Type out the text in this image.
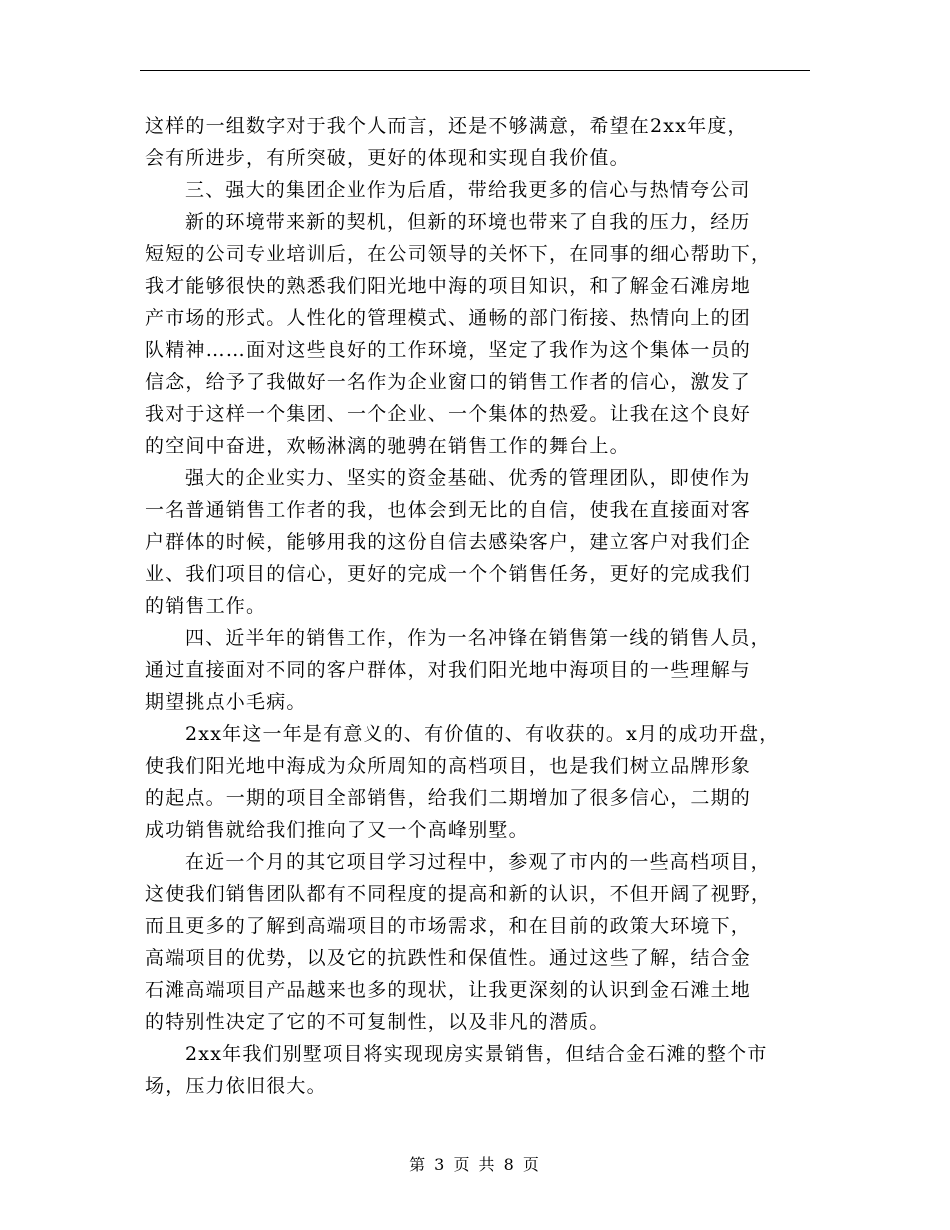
这样的一组数字对于我个人而言，还是不够满意，希望在2xx年度，
会有所进步，有所突破，更好的体现和实现自我价值。
三、强大的集团企业作为后盾，带给我更多的信心与热情夸公司
新的环境带来新的契机，但新的环境也带来了自我的压力，经历
短短的公司专业培训后，在公司领导的关怀下，在同事的细心帮助下，
我才能够很快的熟悉我们阳光地中海的项目知识，和了解金石滩房地
产市场的形式。人性化的管理模式、通畅的部门衔接、热情向上的团
队精神……面对这些良好的工作环境，坚定了我作为这个集体一员的
信念，给予了我做好一名作为企业窗口的销售工作者的信心，激发了
我对于这样一个集团、一个企业、一个集体的热爱。让我在这个良好
的空间中奋进，欢畅淋漓的驰骋在销售工作的舞台上。
强大的企业实力、坚实的资金基础、优秀的管理团队，即使作为
一名普通销售工作者的我，也体会到无比的自信，使我在直接面对客
户群体的时候，能够用我的这份自信去感染客户，建立客户对我们企
业、我们项目的信心，更好的完成一个个销售任务，更好的完成我们
的销售工作。
四、近半年的销售工作，作为一名冲锋在销售第一线的销售人员，
通过直接面对不同的客户群体，对我们阳光地中海项目的一些理解与
期望挑点小毛病。
2xx年这一年是有意义的、有价值的、有收获的。x月的成功开盘，
使我们阳光地中海成为众所周知的高档项目，也是我们树立品牌形象
的起点。一期的项目全部销售，给我们二期增加了很多信心，二期的
成功销售就给我们推向了又一个高峰别墅。
在近一个月的其它项目学习过程中，参观了市内的一些高档项目，
这使我们销售团队都有不同程度的提高和新的认识，不但开阔了视野，
而且更多的了解到高端项目的市场需求，和在目前的政策大环境下，
高端项目的优势，以及它的抗跌性和保值性。通过这些了解，结合金
石滩高端项目产品越来也多的现状，让我更深刻的认识到金石滩土地
的特别性决定了它的不可复制性，以及非凡的潜质。
2xx年我们别墅项目将实现现房实景销售，但结合金石滩的整个市
场，压力依旧很大。
第 3 页 共 8 页
